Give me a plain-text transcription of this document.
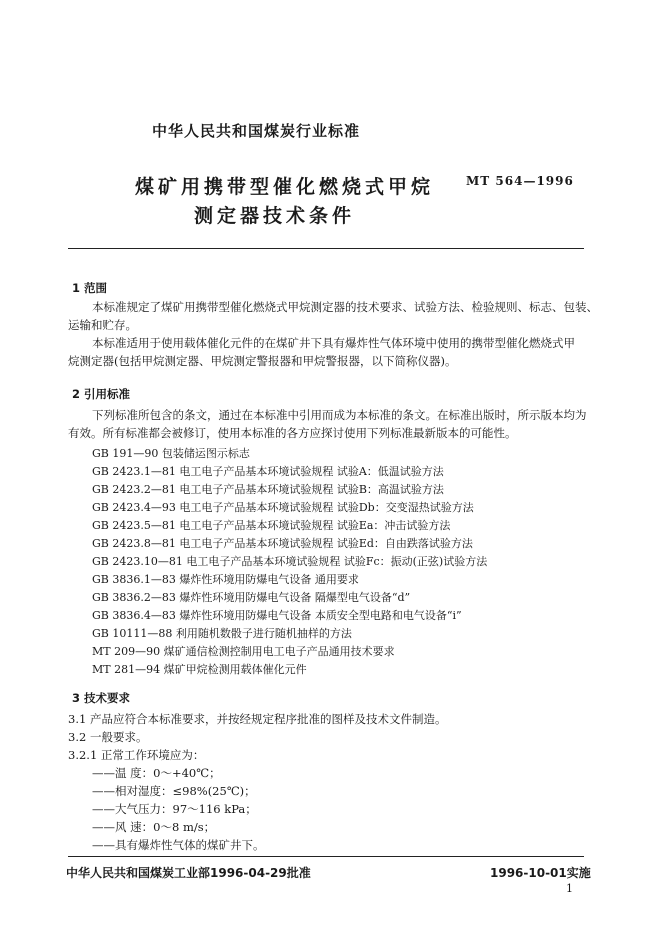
中华人民共和国煤炭行业标准
煤矿用携带型催化燃烧式甲烷
测定器技术条件
MT 564—1996
1 范围
本标准规定了煤矿用携带型催化燃烧式甲烷测定器的技术要求、试验方法、检验规则、标志、包装、
运输和贮存。
本标准适用于使用载体催化元件的在煤矿井下具有爆炸性气体环境中使用的携带型催化燃烧式甲
烷测定器(包括甲烷测定器、甲烷测定警报器和甲烷警报器，以下简称仪器)。
2 引用标准
下列标准所包含的条文，通过在本标准中引用而成为本标准的条文。在标准出版时，所示版本均为
有效。所有标准都会被修订，使用本标准的各方应探讨使用下列标准最新版本的可能性。
GB 191—90 包装储运图示标志
GB 2423.1—81 电工电子产品基本环境试验规程 试验A：低温试验方法
GB 2423.2—81 电工电子产品基本环境试验规程 试验B：高温试验方法
GB 2423.4—93 电工电子产品基本环境试验规程 试验Db：交变湿热试验方法
GB 2423.5—81 电工电子产品基本环境试验规程 试验Ea：冲击试验方法
GB 2423.8—81 电工电子产品基本环境试验规程 试验Ed：自由跌落试验方法
GB 2423.10—81 电工电子产品基本环境试验规程 试验Fc：振动(正弦)试验方法
GB 3836.1—83 爆炸性环境用防爆电气设备 通用要求
GB 3836.2—83 爆炸性环境用防爆电气设备 隔爆型电气设备“d”
GB 3836.4—83 爆炸性环境用防爆电气设备 本质安全型电路和电气设备“i”
GB 10111—88 利用随机数骰子进行随机抽样的方法
MT 209—90 煤矿通信检测控制用电工电子产品通用技术要求
MT 281—94 煤矿甲烷检测用载体催化元件
3 技术要求
3.1 产品应符合本标准要求，并按经规定程序批准的图样及技术文件制造。
3.2 一般要求。
3.2.1 正常工作环境应为：
——温 度：0～+40℃；
——相对湿度：≤98%(25℃)；
——大气压力：97～116 kPa；
——风 速：0～8 m/s；
——具有爆炸性气体的煤矿井下。
中华人民共和国煤炭工业部1996-04-29批准	1996-10-01实施
1
